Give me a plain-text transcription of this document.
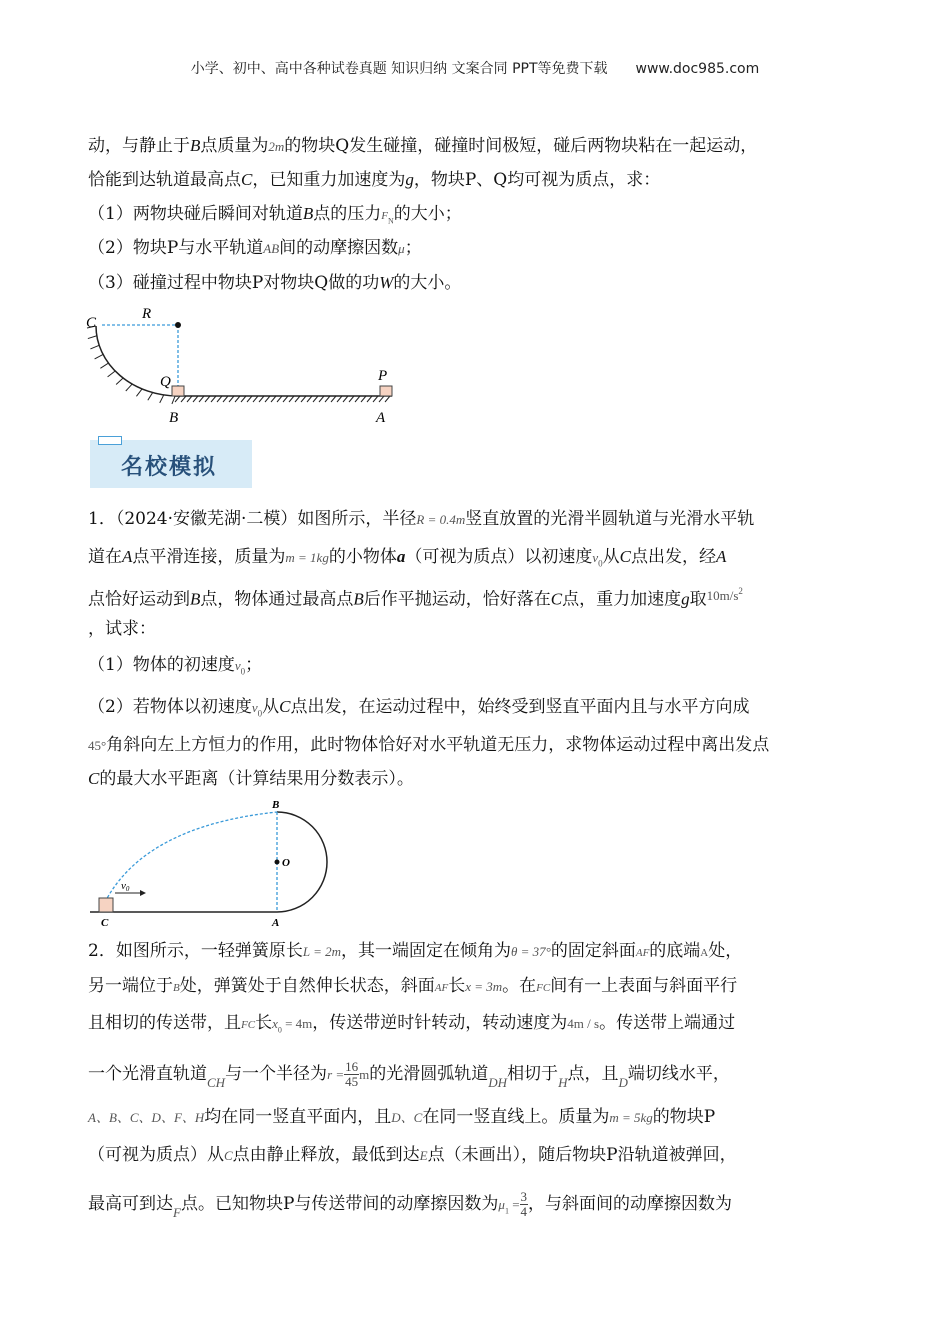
小学、初中、高中各种试卷真题 知识归纳 文案合同 PPT等免费下载 www.doc985.com
动，与静止于B点质量为2m的物块Q发生碰撞，碰撞时间极短，碰后两物块粘在一起运动，
恰能到达轨道最高点C，已知重力加速度为g，物块P、Q均可视为质点，求：
（1）两物块碰后瞬间对轨道B点的压力$F_N$的大小；
（2）物块P与水平轨道AB间的动摩擦因数μ；
（3）碰撞过程中物块P对物块Q做的功W的大小。
C
R
Q	P
B	A
名校模拟
1．（2024·安徽芜湖·二模）如图所示，半径R = 0.4m竖直放置的光滑半圆轨道与光滑水平轨
道在A点平滑连接，质量为m = 1kg的小物体a（可视为质点）以初速度$v_0$从C点出发，经A
点恰好运动到B点，物体通过最高点B后作平抛运动，恰好落在C点，重力加速度g取$^{10m/s2}$
，试求：
（1）物体的初速度$v_0$；
（2）若物体以初速度$v_0$从C点出发，在运动过程中，始终受到竖直平面内且与水平方向成
45°角斜向左上方恒力的作用，此时物体恰好对水平轨道无压力，求物体运动过程中离出发点
C的最大水平距离（计算结果用分数表示）。
v0
B
O
C	A
2．如图所示，一轻弹簧原长L = 2m，其一端固定在倾角为θ = 37°的固定斜面AF的底端A处，
另一端位于B处，弹簧处于自然伸长状态，斜面AF长x = 3m。在FC间有一上表面与斜面平行
且相切的传送带，且FC长$x_0 = 4m$，传送带逆时针转动，转动速度为4m / s。传送带上端通过
一个光滑直轨道$_{CH}$与一个半径为$r = \frac{16}{45}$ m的光滑圆弧轨道$_{DH}$相切于$_H$点，且$_D$端切线水平，
A、B、C、D、F、H均在同一竖直平面内，且D、C在同一竖直线上。质量为m = 5kg的物块P
（可视为质点）从C点由静止释放，最低到达E点（未画出），随后物块P沿轨道被弹回，
最高可到达$_F$点。已知物块P与传送带间的动摩擦因数为$\mu_1 = \frac{3}{4}$ ，与斜面间的动摩擦因数为
